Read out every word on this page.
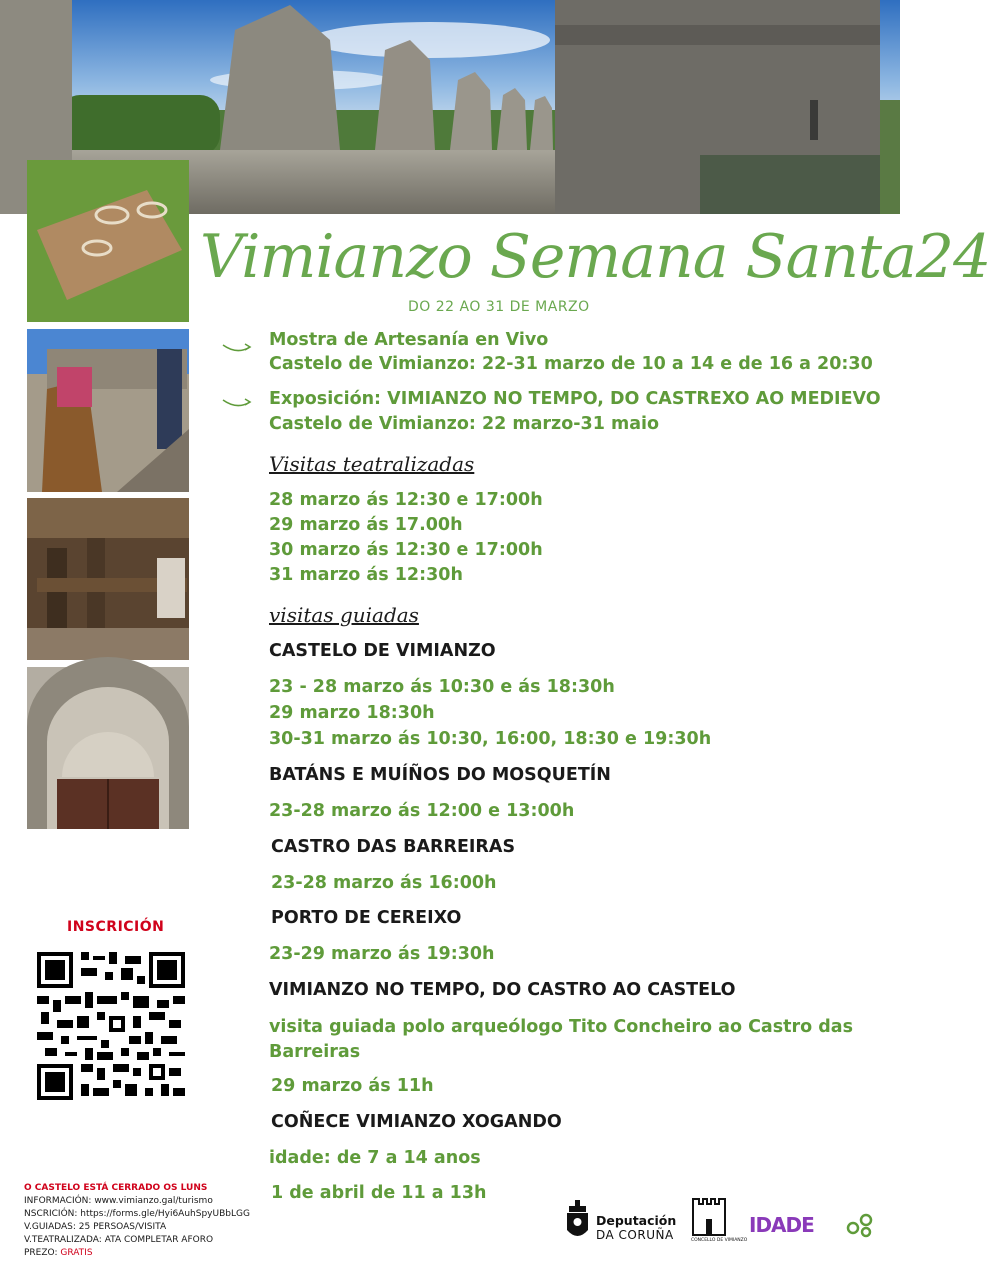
Vimianzo Semana Santa24
DO 22 AO 31 DE MARZO
Mostra de Artesanía en Vivo
Castelo de Vimianzo: 22-31 marzo de 10 a 14 e de 16 a 20:30
Exposición: VIMIANZO NO TEMPO, DO CASTREXO AO MEDIEVO
Castelo de Vimianzo: 22 marzo-31 maio
Visitas teatralizadas
28 marzo ás 12:30 e 17:00h
29 marzo ás 17.00h
30 marzo ás 12:30 e 17:00h
31 marzo ás 12:30h
visitas guiadas
CASTELO DE VIMIANZO
23 - 28 marzo ás 10:30 e ás 18:30h
29 marzo 18:30h
30-31 marzo ás 10:30, 16:00, 18:30 e 19:30h
BATÁNS E MUÍÑOS DO MOSQUETÍN
23-28 marzo ás 12:00 e 13:00h
CASTRO DAS BARREIRAS
23-28 marzo ás 16:00h
PORTO DE CEREIXO
23-29 marzo ás 19:30h
VIMIANZO NO TEMPO, DO CASTRO AO CASTELO
visita guiada polo arqueólogo Tito Concheiro ao Castro das
Barreiras
29 marzo ás 11h
COÑECE VIMIANZO XOGANDO
idade: de 7 a 14 anos
1 de abril de 11 a 13h
INSCRICIÓN
O CASTELO ESTÁ CERRADO OS LUNS
INFORMACIÓN: www.vimianzo.gal/turismo
NSCRICIÓN: https://forms.gle/Hyi6AuhSpyUBbLGG
V.GUIADAS: 25 PERSOAS/VISITA
V.TEATRALIZADA: ATA COMPLETAR AFORO
PREZO: GRATIS
Deputación
DA CORUÑA	CONCELLO DE VIMIANZO
IDADE
